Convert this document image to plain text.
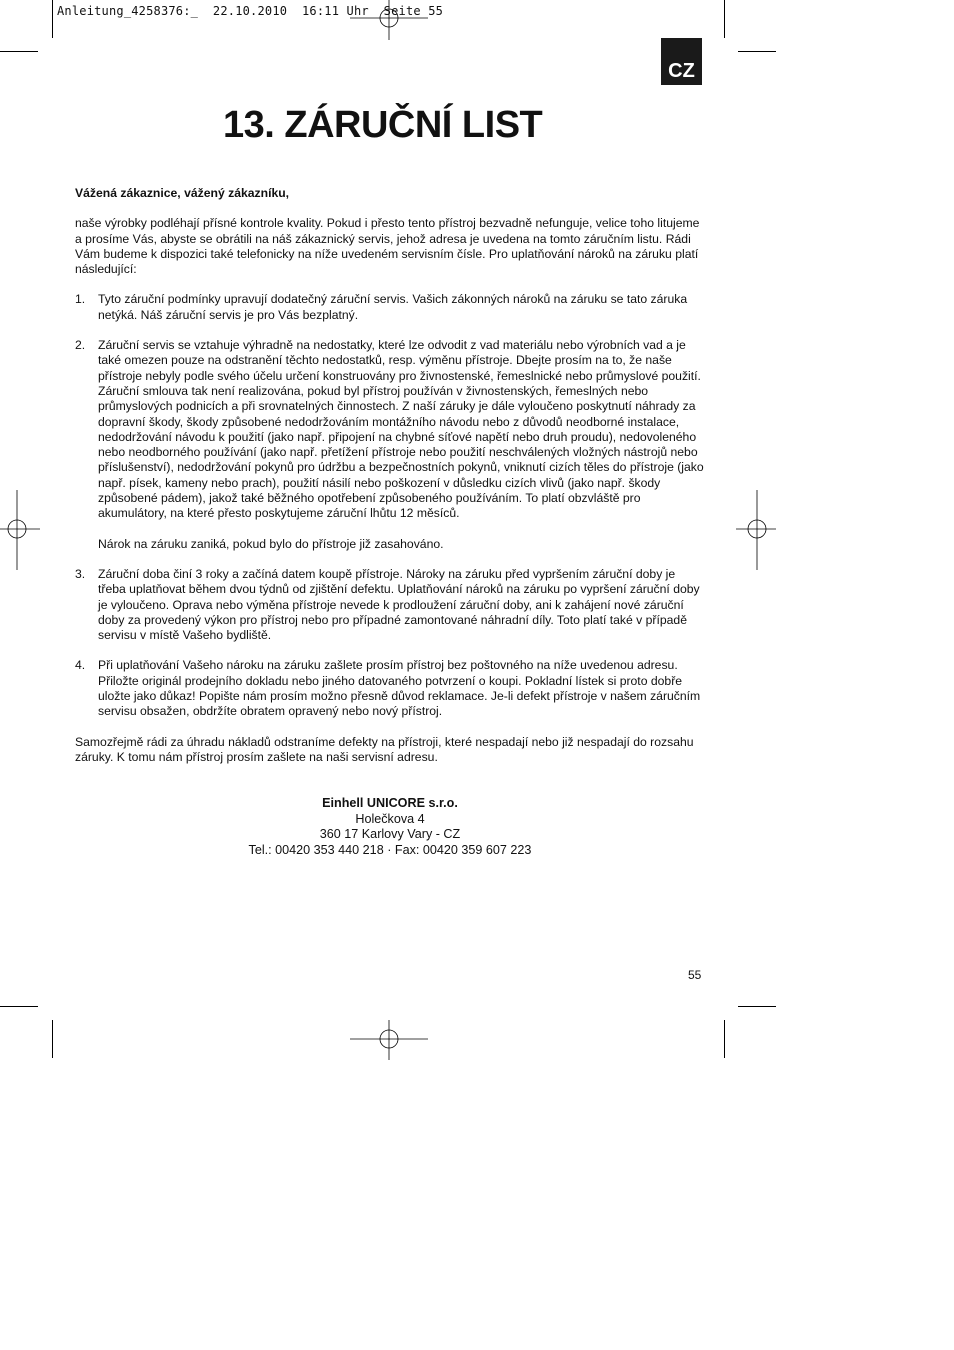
Anleitung_4258376:_  22.10.2010  16:11 Uhr  Seite 55
CZ
13. ZÁRUČNÍ LIST

Vážená zákaznice, vážený zákazníku,

naše výrobky podléhají přísné kontrole kvality. Pokud i přesto tento přístroj bezvadně nefunguje, velice toho litujeme a prosíme Vás, abyste se obrátili na náš zákaznický servis, jehož adresa je uvedena na tomto záručním listu. Rádi Vám budeme k dispozici také telefonicky na níže uvedeném servisním čísle. Pro uplatňování nároků na záruku platí následující:

1.	Tyto záruční podmínky upravují dodatečný záruční servis. Vašich zákonných nároků na záruku se tato záruka netýká. Náš záruční servis je pro Vás bezplatný.

2.	Záruční servis se vztahuje výhradně na nedostatky, které lze odvodit z vad materiálu nebo výrobních vad a je také omezen pouze na odstranění těchto nedostatků, resp. výměnu přístroje. Dbejte prosím na to, že naše přístroje nebyly podle svého účelu určení konstruovány pro živnostenské, řemeslnické nebo průmyslové použití. Záruční smlouva tak není realizována, pokud byl přístroj používán v živnostenských, řemeslných nebo průmyslových podnicích a při srovnatelných činnostech. Z naší záruky je dále vyloučeno poskytnutí náhrady za dopravní škody, škody způsobené nedodržováním montážního návodu nebo z důvodů neodborné instalace, nedodržování návodu k použití (jako např. připojení na chybné síťové napětí nebo druh proudu), nedovoleného nebo neodborného používání (jako např. přetížení přístroje nebo použití neschválených vložných nástrojů nebo příslušenství), nedodržování pokynů pro údržbu a bezpečnostních pokynů, vniknutí cizích těles do přístroje (jako např. písek, kameny nebo prach), použití násilí nebo poškození v důsledku cizích vlivů (jako např. škody způsobené pádem), jakož také běžného opotřebení způsobeného používáním. To platí obzvláště pro akumulátory, na které přesto poskytujeme záruční lhůtu 12 měsíců.

Nárok na záruku zaniká, pokud bylo do přístroje již zasahováno.

3.	Záruční doba činí 3 roky a začíná datem koupě přístroje. Nároky na záruku před vypršením záruční doby je třeba uplatňovat během dvou týdnů od zjištění defektu. Uplatňování nároků na záruku po vypršení záruční doby je vyloučeno. Oprava nebo výměna přístroje nevede k prodloužení záruční doby, ani k zahájení nové záruční doby za provedený výkon pro přístroj nebo pro případné zamontované náhradní díly. Toto platí také v případě servisu v místě Vašeho bydliště.

4.	Při uplatňování Vašeho nároku na záruku zašlete prosím přístroj bez poštovného na níže uvedenou adresu. Přiložte originál prodejního dokladu nebo jiného datovaného potvrzení o koupi. Pokladní lístek si proto dobře uložte jako důkaz! Popište nám prosím možno přesně důvod reklamace. Je-li defekt přístroje v našem záručním servisu obsažen, obdržíte obratem opravený nebo nový přístroj.

Samozřejmě rádi za úhradu nákladů odstraníme defekty na přístroji, které nespadají nebo již nespadají do rozsahu záruky. K tomu nám přístroj prosím zašlete na naši servisní adresu.

Einhell UNICORE s.r.o.
Holečkova 4
360 17 Karlovy Vary - CZ
Tel.: 00420 353 440 218 · Fax: 00420 359 607 223
55
